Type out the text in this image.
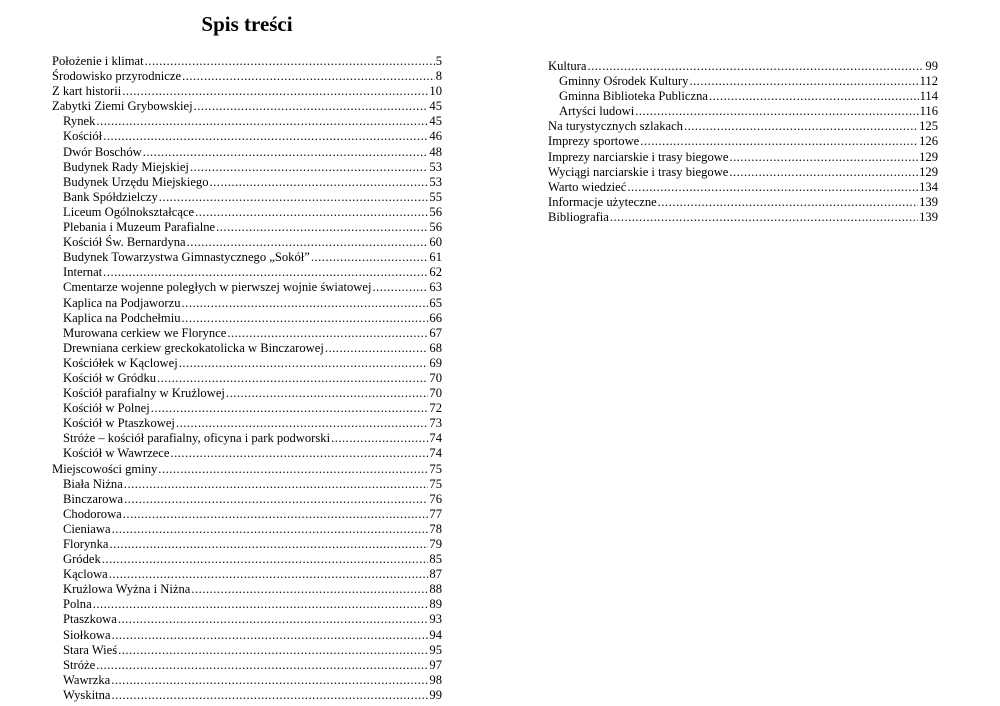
Spis treści
Położenie i klimat .....	5
Środowisko przyrodnicze .....	8
Z kart historii .....	10
Zabytki Ziemi Grybowskiej .....	45
Rynek .....	45
Kościół .....	46
Dwór Boschów .....	48
Budynek Rady Miejskiej .....	53
Budynek Urzędu Miejskiego .....	53
Bank Spółdzielczy .....	55
Liceum Ogólnokształcące .....	56
Plebania i Muzeum Parafialne .....	56
Kościół Św. Bernardyna .....	60
Budynek Towarzystwa Gimnastycznego „Sokół” .....	61
Internat .....	62
Cmentarze wojenne poległych w pierwszej wojnie światowej .....	63
Kaplica na Podjaworzu .....	65
Kaplica na Podchełmiu .....	66
Murowana cerkiew we Florynce .....	67
Drewniana cerkiew greckokatolicka w Binczarowej .....	68
Kościółek w Kąclowej .....	69
Kościół w Gródku .....	70
Kościół parafialny w Krużlowej .....	70
Kościół w Polnej .....	72
Kościół w Ptaszkowej .....	73
Stróże – kościół parafialny, oficyna i park podworski .....	74
Kościół w Wawrzece .....	74
Miejscowości gminy .....	75
Biała Niżna .....	75
Binczarowa .....	76
Chodorowa .....	77
Cieniawa .....	78
Florynka .....	79
Gródek .....	85
Kąclowa .....	87
Krużlowa Wyżna i Niżna .....	88
Polna .....	89
Ptaszkowa .....	93
Siołkowa .....	94
Stara Wieś .....	95
Stróże .....	97
Wawrzka .....	98
Wyskitna .....	99
Kultura .....	99
Gminny Ośrodek Kultury .....	112
Gminna Biblioteka Publiczna .....	114
Artyści ludowi .....	116
Na turystycznych szlakach .....	125
Imprezy sportowe .....	126
Imprezy narciarskie i trasy biegowe .....	129
Wyciągi narciarskie i trasy biegowe .....	129
Warto wiedzieć .....	134
Informacje użyteczne .....	139
Bibliografia .....	139
